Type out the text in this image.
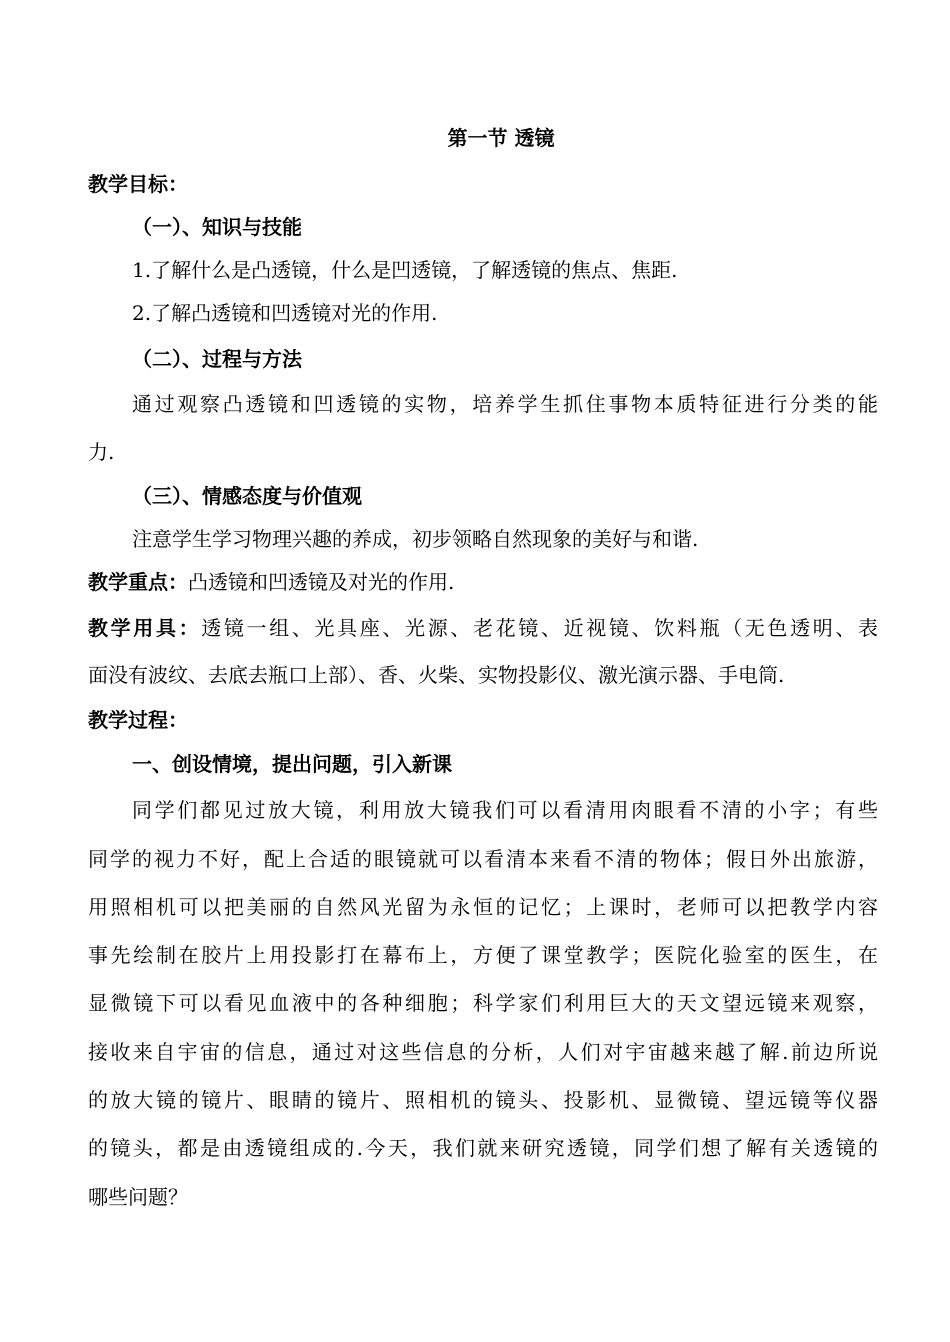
第一节 透镜
教学目标：
（一）、知识与技能
1.了解什么是凸透镜，什么是凹透镜，了解透镜的焦点、焦距.
2.了解凸透镜和凹透镜对光的作用.
（二）、过程与方法
通过观察凸透镜和凹透镜的实物，培养学生抓住事物本质特征进行分类的能
力.
（三）、情感态度与价值观
注意学生学习物理兴趣的养成，初步领略自然现象的美好与和谐.
教学重点：凸透镜和凹透镜及对光的作用.
教学用具：透镜一组、光具座、光源、老花镜、近视镜、饮料瓶（无色透明、表
面没有波纹、去底去瓶口上部）、香、火柴、实物投影仪、激光演示器、手电筒.
教学过程：
一、创设情境，提出问题，引入新课
同学们都见过放大镜，利用放大镜我们可以看清用肉眼看不清的小字；有些
同学的视力不好，配上合适的眼镜就可以看清本来看不清的物体；假日外出旅游，
用照相机可以把美丽的自然风光留为永恒的记忆；上课时，老师可以把教学内容
事先绘制在胶片上用投影打在幕布上，方便了课堂教学；医院化验室的医生，在
显微镜下可以看见血液中的各种细胞；科学家们利用巨大的天文望远镜来观察，
接收来自宇宙的信息，通过对这些信息的分析，人们对宇宙越来越了解.前边所说
的放大镜的镜片、眼睛的镜片、照相机的镜头、投影机、显微镜、望远镜等仪器
的镜头，都是由透镜组成的.今天，我们就来研究透镜，同学们想了解有关透镜的
哪些问题？
